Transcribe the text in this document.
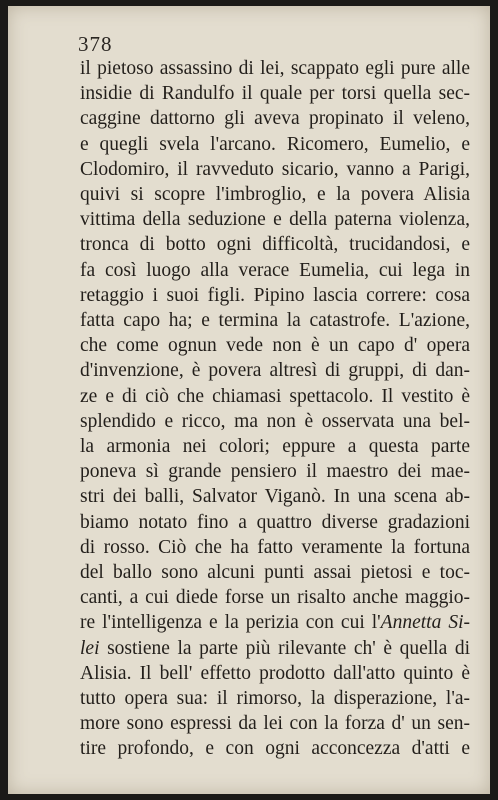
378
il pietoso assassino di lei, scappato egli pure alle
insidie di Randulfo il quale per torsi quella sec-
caggine dattorno gli aveva propinato il veleno,
e quegli svela l'arcano. Ricomero, Eumelio, e
Clodomiro, il ravveduto sicario, vanno a Parigi,
quivi si scopre l'imbroglio, e la povera Alisia
vittima della seduzione e della paterna violenza,
tronca di botto ogni difficoltà, trucidandosi, e
fa così luogo alla verace Eumelia, cui lega in
retaggio i suoi figli. Pipino lascia correre: cosa
fatta capo ha; e termina la catastrofe. L'azione,
che come ognun vede non è un capo d' opera
d'invenzione, è povera altresì di gruppi, di dan-
ze e di ciò che chiamasi spettacolo. Il vestito è
splendido e ricco, ma non è osservata una bel-
la armonia nei colori; eppure a questa parte
poneva sì grande pensiero il maestro dei mae-
stri dei balli, Salvator Viganò. In una scena ab-
biamo notato fino a quattro diverse gradazioni
di rosso. Ciò che ha fatto veramente la fortuna
del ballo sono alcuni punti assai pietosi e toc-
canti, a cui diede forse un risalto anche maggio-
re l'intelligenza e la perizia con cui l'Annetta Si-
lei sostiene la parte più rilevante ch' è quella di
Alisia. Il bell' effetto prodotto dall'atto quinto è
tutto opera sua: il rimorso, la disperazione, l'a-
more sono espressi da lei con la forza d' un sen-
tire profondo, e con ogni acconcezza d'atti e
